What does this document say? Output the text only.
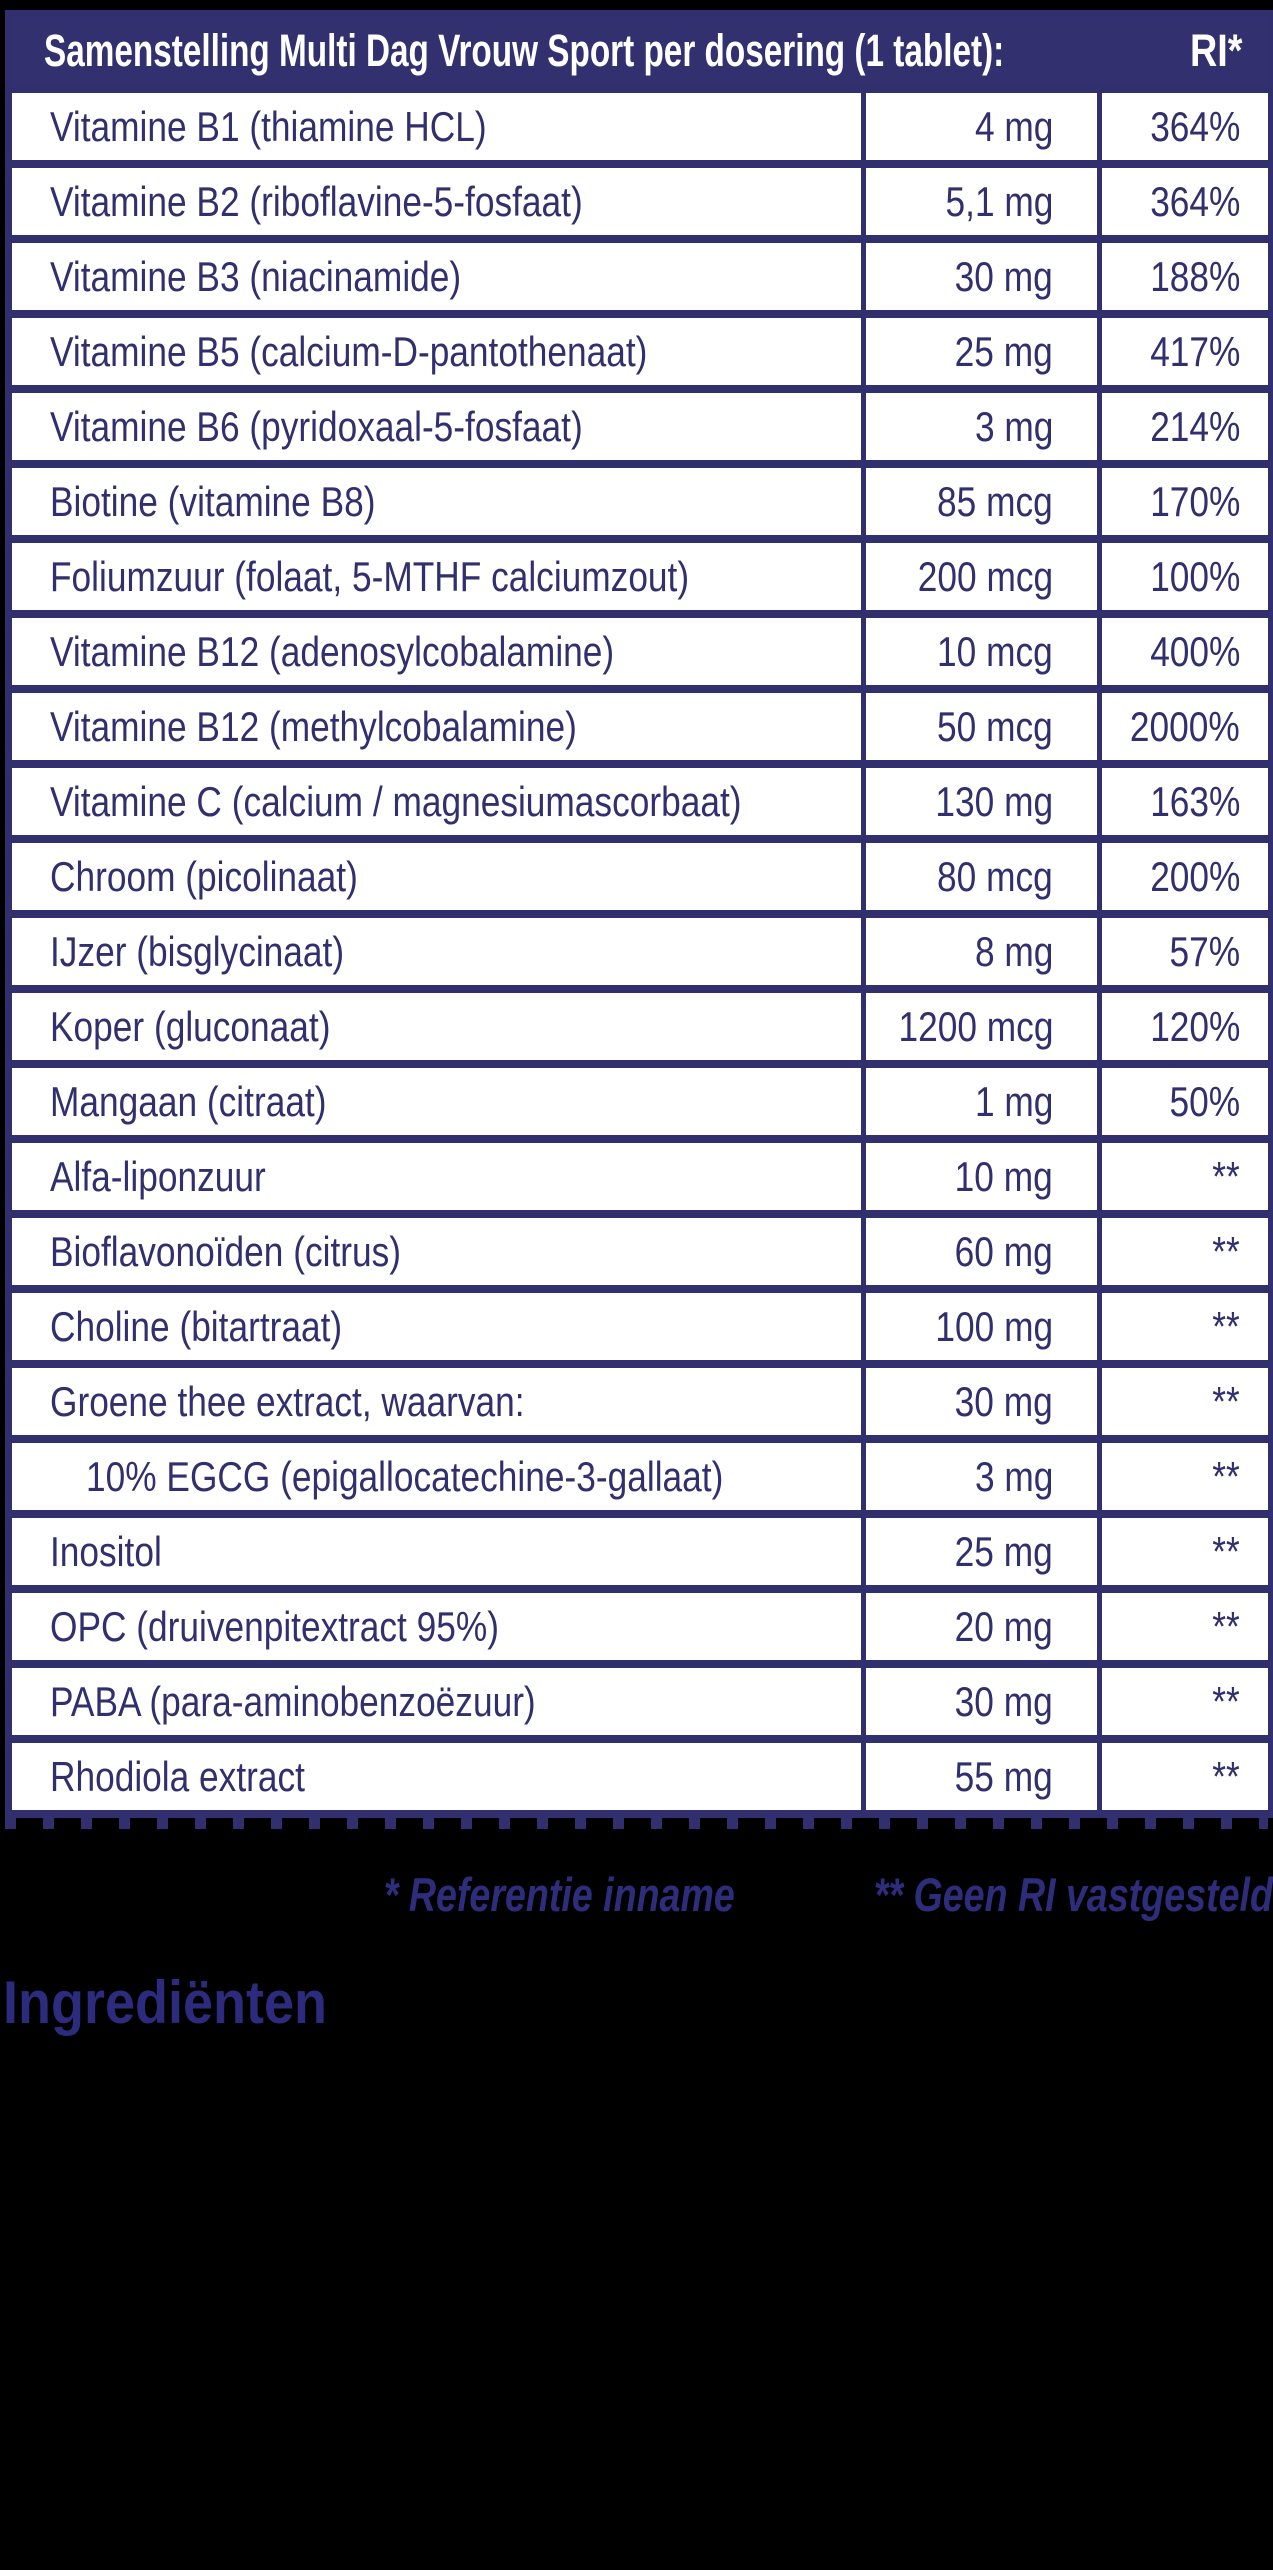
Samenstelling Multi Dag Vrouw Sport per dosering (1 tablet):		RI*
Vitamine B1 (thiamine HCL)	4 mg	364%
Vitamine B2 (riboflavine-5-fosfaat)	5,1 mg	364%
Vitamine B3 (niacinamide)	30 mg	188%
Vitamine B5 (calcium-D-pantothenaat)	25 mg	417%
Vitamine B6 (pyridoxaal-5-fosfaat)	3 mg	214%
Biotine (vitamine B8)	85 mcg	170%
Foliumzuur (folaat, 5-MTHF calciumzout)	200 mcg	100%
Vitamine B12 (adenosylcobalamine)	10 mcg	400%
Vitamine B12 (methylcobalamine)	50 mcg	2000%
Vitamine C (calcium / magnesiumascorbaat)	130 mg	163%
Chroom (picolinaat)	80 mcg	200%
IJzer (bisglycinaat)	8 mg	57%
Koper (gluconaat)	1200 mcg	120%
Mangaan (citraat)	1 mg	50%
Alfa-liponzuur	10 mg	**
Bioflavonoïden (citrus)	60 mg	**
Choline (bitartraat)	100 mg	**
Groene thee extract, waarvan:	30 mg	**
10% EGCG (epigallocatechine-3-gallaat)	3 mg	**
Inositol	25 mg	**
OPC (druivenpitextract 95%)	20 mg	**
PABA (para-aminobenzoëzuur)	30 mg	**
Rhodiola extract	55 mg	**
* Referentie inname	** Geen RI vastgesteld
Ingrediënten
